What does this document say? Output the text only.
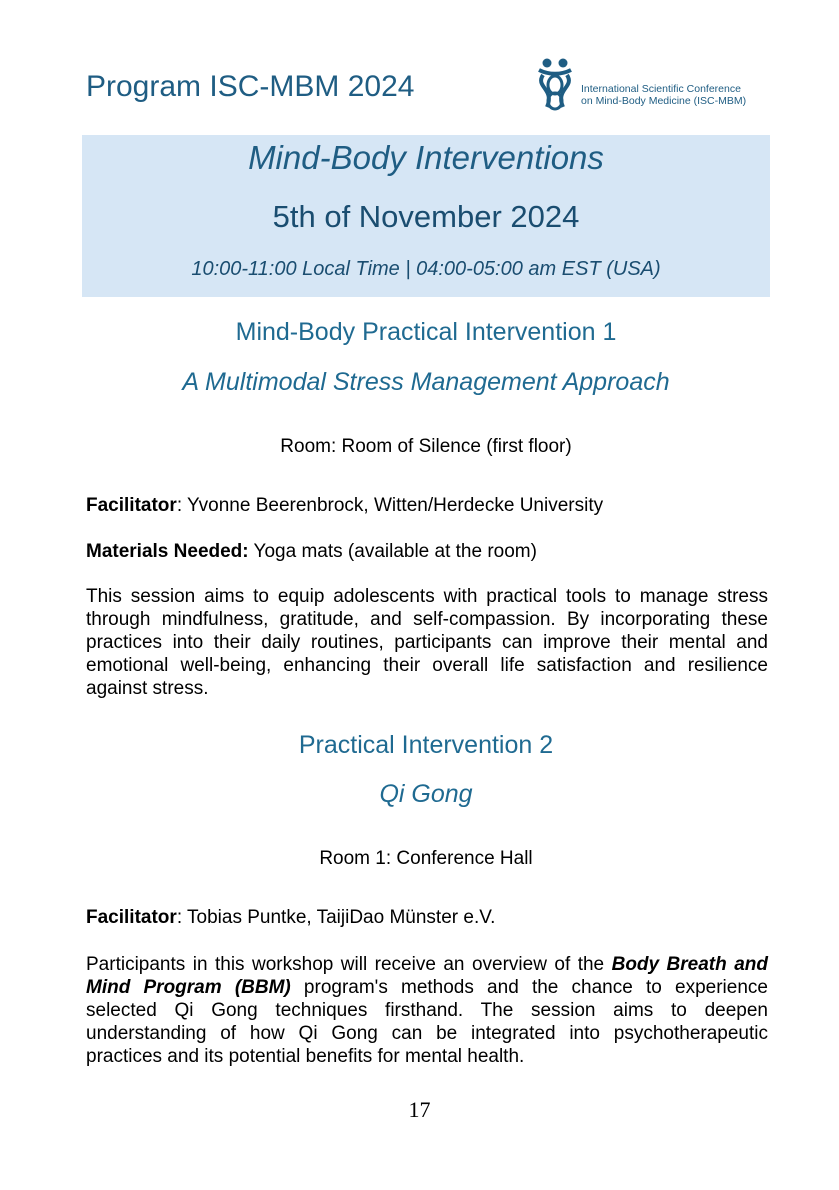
Program ISC-MBM 2024	International Scientific Conference
on Mind-Body Medicine (ISC-MBM)
Mind-Body Interventions
5th of November 2024
10:00-11:00 Local Time | 04:00-05:00 am EST (USA)
Mind-Body Practical Intervention 1
A Multimodal Stress Management Approach
Room: Room of Silence (first floor)
Facilitator: Yvonne Beerenbrock, Witten/Herdecke University
Materials Needed: Yoga mats (available at the room)
This session aims to equip adolescents with practical tools to manage stress through mindfulness, gratitude, and self-compassion. By incorporating these practices into their daily routines, participants can improve their mental and emotional well-being, enhancing their overall life satisfaction and resilience against stress.
Practical Intervention 2
Qi Gong
Room 1: Conference Hall
Facilitator: Tobias Puntke, TaijiDao Münster e.V.
Participants in this workshop will receive an overview of the Body Breath and Mind Program (BBM) program's methods and the chance to experience selected Qi Gong techniques firsthand. The session aims to deepen understanding of how Qi Gong can be integrated into psychotherapeutic practices and its potential benefits for mental health.
17
